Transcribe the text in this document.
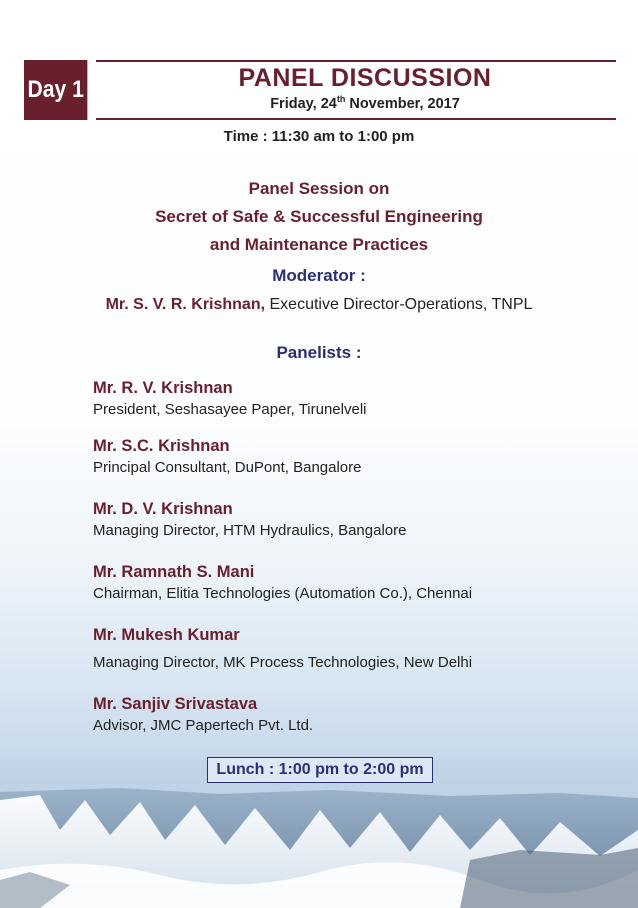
Day 1	PANEL DISCUSSION
Friday, 24th November, 2017
Time : 11:30 am to 1:00 pm
Panel Session on
Secret of Safe & Successful Engineering
and Maintenance Practices
Moderator :
Mr. S. V. R. Krishnan, Executive Director-Operations, TNPL
Panelists :
Mr. R. V. Krishnan
President, Seshasayee Paper, Tirunelveli
Mr. S.C. Krishnan
Principal Consultant, DuPont, Bangalore
Mr. D. V. Krishnan
Managing Director, HTM Hydraulics, Bangalore
Mr. Ramnath S. Mani
Chairman, Elitia Technologies (Automation Co.), Chennai
Mr. Mukesh Kumar
Managing Director, MK Process Technologies, New Delhi
Mr. Sanjiv Srivastava
Advisor, JMC Papertech Pvt. Ltd.
Lunch : 1:00 pm to 2:00 pm
